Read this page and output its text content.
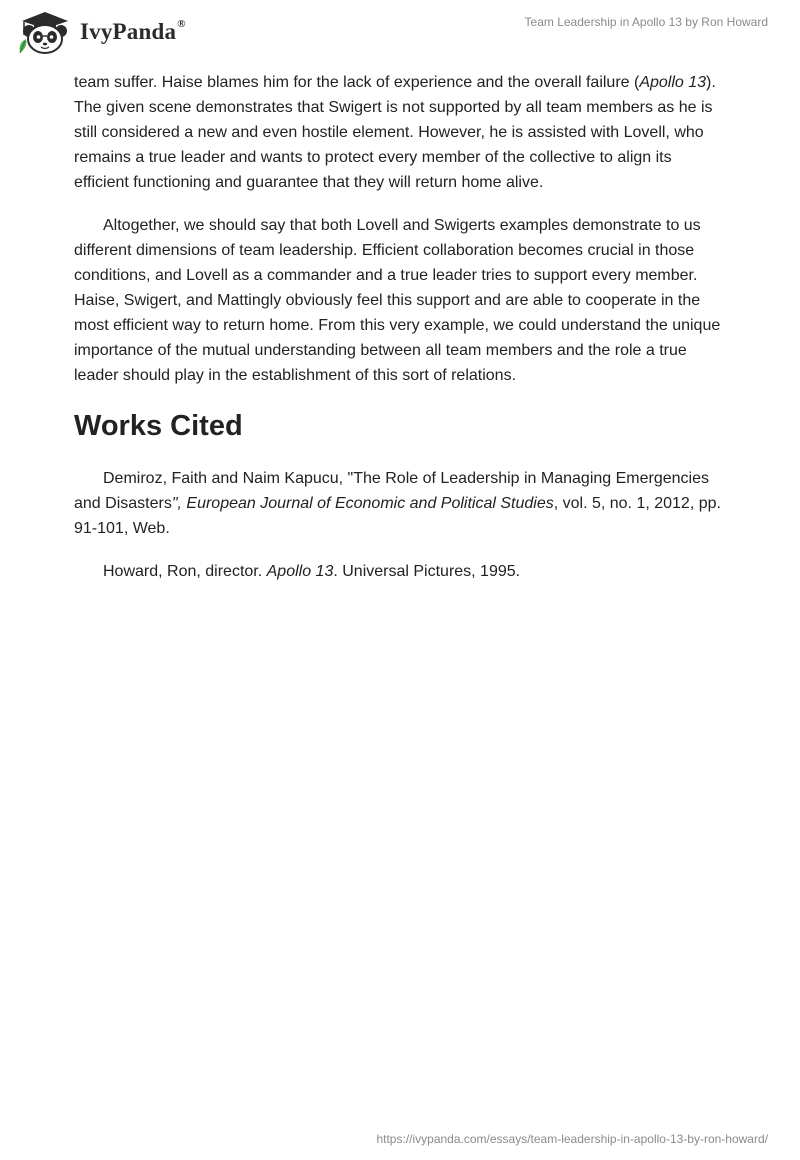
IvyPanda®	Team Leadership in Apollo 13 by Ron Howard

team suffer. Haise blames him for the lack of experience and the overall failure (Apollo 13). The given scene demonstrates that Swigert is not supported by all team members as he is still considered a new and even hostile element. However, he is assisted with Lovell, who remains a true leader and wants to protect every member of the collective to align its efficient functioning and guarantee that they will return home alive.

Altogether, we should say that both Lovell and Swigerts examples demonstrate to us different dimensions of team leadership. Efficient collaboration becomes crucial in those conditions, and Lovell as a commander and a true leader tries to support every member. Haise, Swigert, and Mattingly obviously feel this support and are able to cooperate in the most efficient way to return home. From this very example, we could understand the unique importance of the mutual understanding between all team members and the role a true leader should play in the establishment of this sort of relations.

Works Cited

Demiroz, Faith and Naim Kapucu, "The Role of Leadership in Managing Emergencies and Disasters", European Journal of Economic and Political Studies, vol. 5, no. 1, 2012, pp. 91-101, Web.

Howard, Ron, director. Apollo 13. Universal Pictures, 1995.

https://ivypanda.com/essays/team-leadership-in-apollo-13-by-ron-howard/
